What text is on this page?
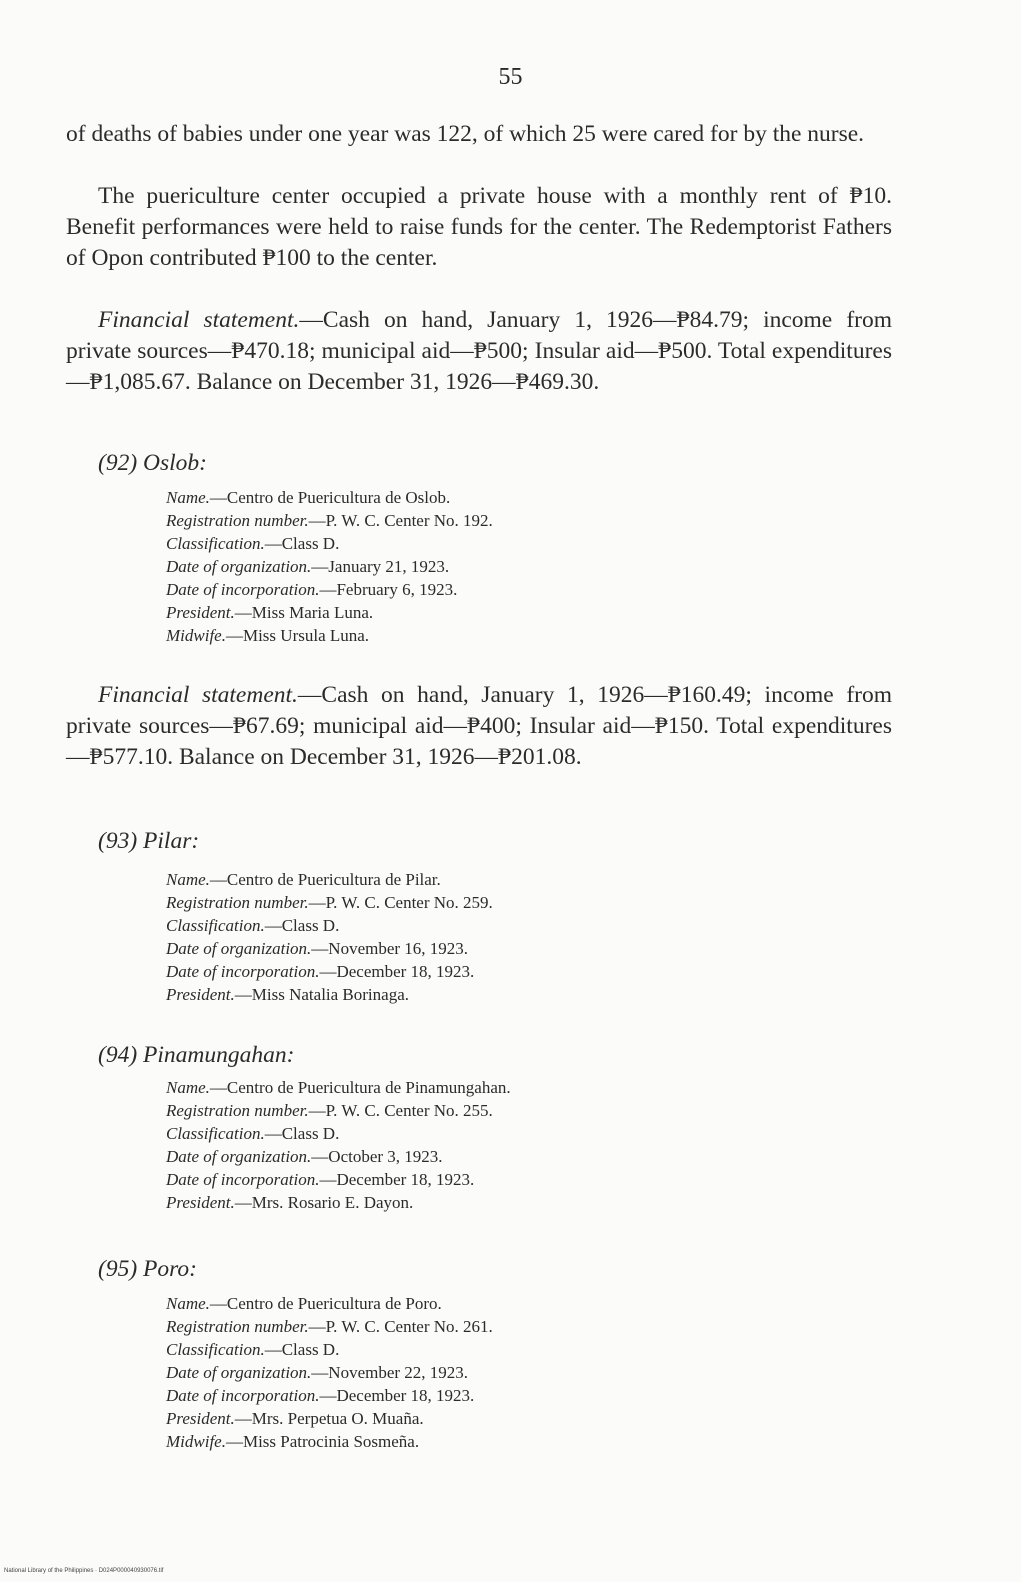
55

of deaths of babies under one year was 122, of which 25 were cared for by the nurse.

The puericulture center occupied a private house with a monthly rent of ₱10. Benefit performances were held to raise funds for the center. The Redemptorist Fathers of Opon contributed ₱100 to the center.

Financial statement.—Cash on hand, January 1, 1926—₱84.79; income from private sources—₱470.18; municipal aid—₱500; Insular aid—₱500. Total expenditures—₱1,085.67. Balance on December 31, 1926—₱469.30.

(92) Oslob:

Name.—Centro de Puericultura de Oslob.
Registration number.—P. W. C. Center No. 192.
Classification.—Class D.
Date of organization.—January 21, 1923.
Date of incorporation.—February 6, 1923.
President.—Miss Maria Luna.
Midwife.—Miss Ursula Luna.

Financial statement.—Cash on hand, January 1, 1926—₱160.49; income from private sources—₱67.69; municipal aid—₱400; Insular aid—₱150. Total expenditures—₱577.10. Balance on December 31, 1926—₱201.08.

(93) Pilar:

Name.—Centro de Puericultura de Pilar.
Registration number.—P. W. C. Center No. 259.
Classification.—Class D.
Date of organization.—November 16, 1923.
Date of incorporation.—December 18, 1923.
President.—Miss Natalia Borinaga.

(94) Pinamungahan:

Name.—Centro de Puericultura de Pinamungahan.
Registration number.—P. W. C. Center No. 255.
Classification.—Class D.
Date of organization.—October 3, 1923.
Date of incorporation.—December 18, 1923.
President.—Mrs. Rosario E. Dayon.

(95) Poro:

Name.—Centro de Puericultura de Poro.
Registration number.—P. W. C. Center No. 261.
Classification.—Class D.
Date of organization.—November 22, 1923.
Date of incorporation.—December 18, 1923.
President.—Mrs. Perpetua O. Muaña.
Midwife.—Miss Patrocinia Sosmeña.
National Library of the Philippines · D024P000040930076.tif
